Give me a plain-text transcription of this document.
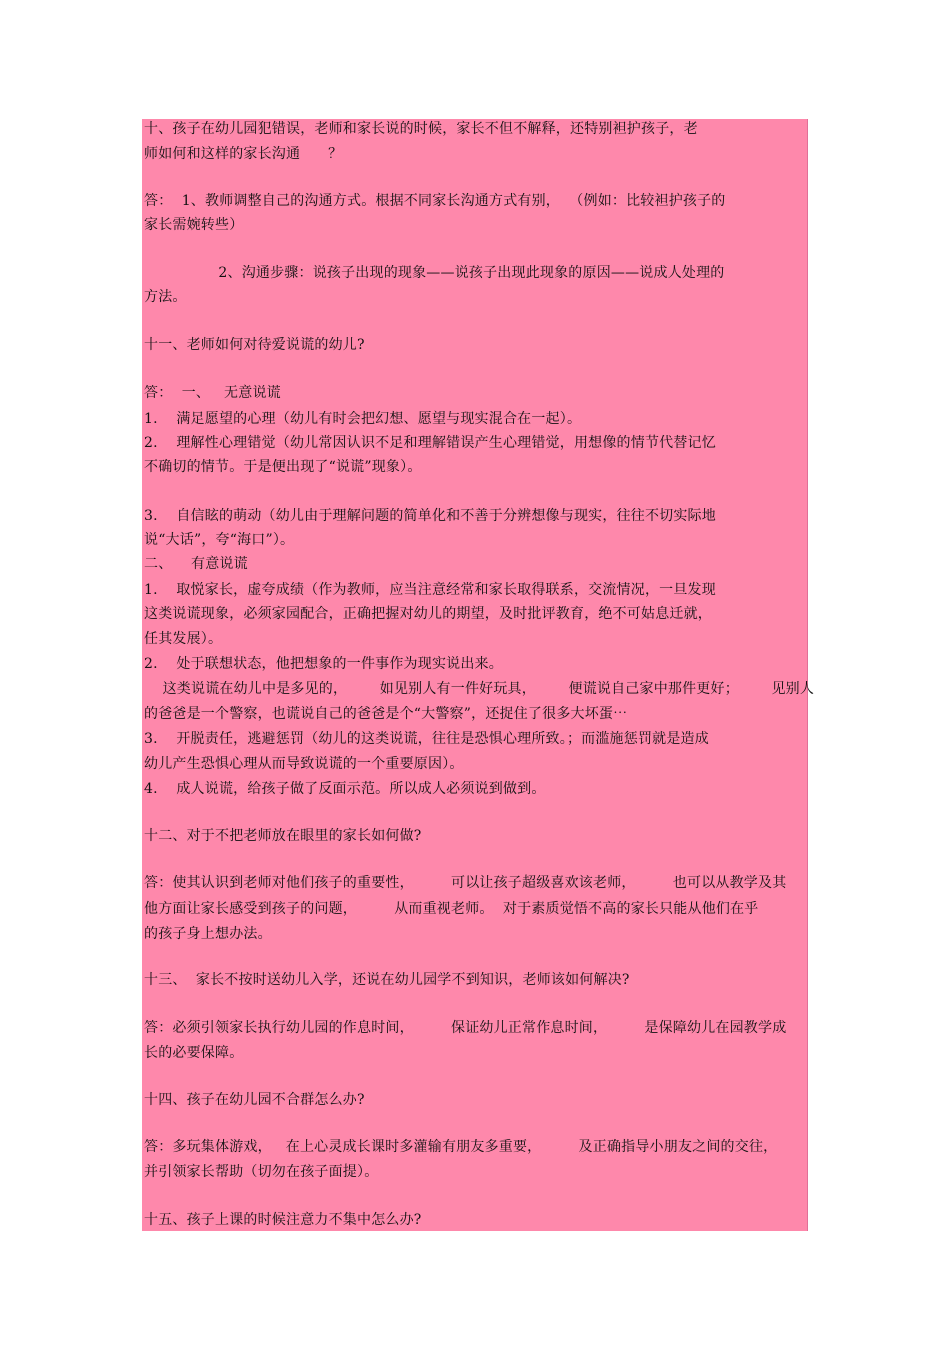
十、孩子在幼儿园犯错误，老师和家长说的时候，家长不但不解释，还特别袒护孩子，老
师如何和这样的家长沟通      ？
答：  1、教师调整自己的沟通方式。根据不同家长沟通方式有别，  （例如：比较袒护孩子的
家长需婉转些）
2、沟通步骤：说孩子出现的现象——说孩子出现此现象的原因——说成人处理的
方法。
十一、老师如何对待爱说谎的幼儿?
答：  一、   无意说谎
1.    满足愿望的心理（幼儿有时会把幻想、愿望与现实混合在一起）。
2.    理解性心理错觉（幼儿常因认识不足和理解错误产生心理错觉，用想像的情节代替记忆
不确切的情节。于是便出现了“说谎”现象）。
3.    自信眩的萌动（幼儿由于理解问题的简单化和不善于分辨想像与现实，往往不切实际地
说“大话”，夸“海口”）。
二、    有意说谎
1.    取悦家长，虚夸成绩（作为教师，应当注意经常和家长取得联系，交流情况，一旦发现
这类说谎现象，必须家园配合，正确把握对幼儿的期望，及时批评教育，绝不可姑息迁就，
任其发展）。
2.    处于联想状态，他把想象的一件事作为现实说出来。
这类说谎在幼儿中是多见的，       如见别人有一件好玩具，       便谎说自己家中那件更好；       见别人
的爸爸是一个警察，也谎说自己的爸爸是个“大警察”，还捉住了很多大坏蛋⋯
3.    开脱责任，逃避惩罚（幼儿的这类说谎，往往是恐惧心理所致。；而滥施惩罚就是造成
幼儿产生恐惧心理从而导致说谎的一个重要原因）。
4.    成人说谎，给孩子做了反面示范。所以成人必须说到做到。
十二、对于不把老师放在眼里的家长如何做?
答：使其认识到老师对他们孩子的重要性，        可以让孩子超级喜欢该老师，        也可以从教学及其
他方面让家长感受到孩子的问题，        从而重视老师。  对于素质觉悟不高的家长只能从他们在乎
的孩子身上想办法。
十三、  家长不按时送幼儿入学，还说在幼儿园学不到知识，老师该如何解决?
答：必须引领家长执行幼儿园的作息时间，        保证幼儿正常作息时间，        是保障幼儿在园教学成
长的必要保障。
十四、孩子在幼儿园不合群怎么办?
答：多玩集体游戏，   在上心灵成长课时多灌输有朋友多重要，        及正确指导小朋友之间的交往，
并引领家长帮助（切勿在孩子面提）。
十五、孩子上课的时候注意力不集中怎么办?
